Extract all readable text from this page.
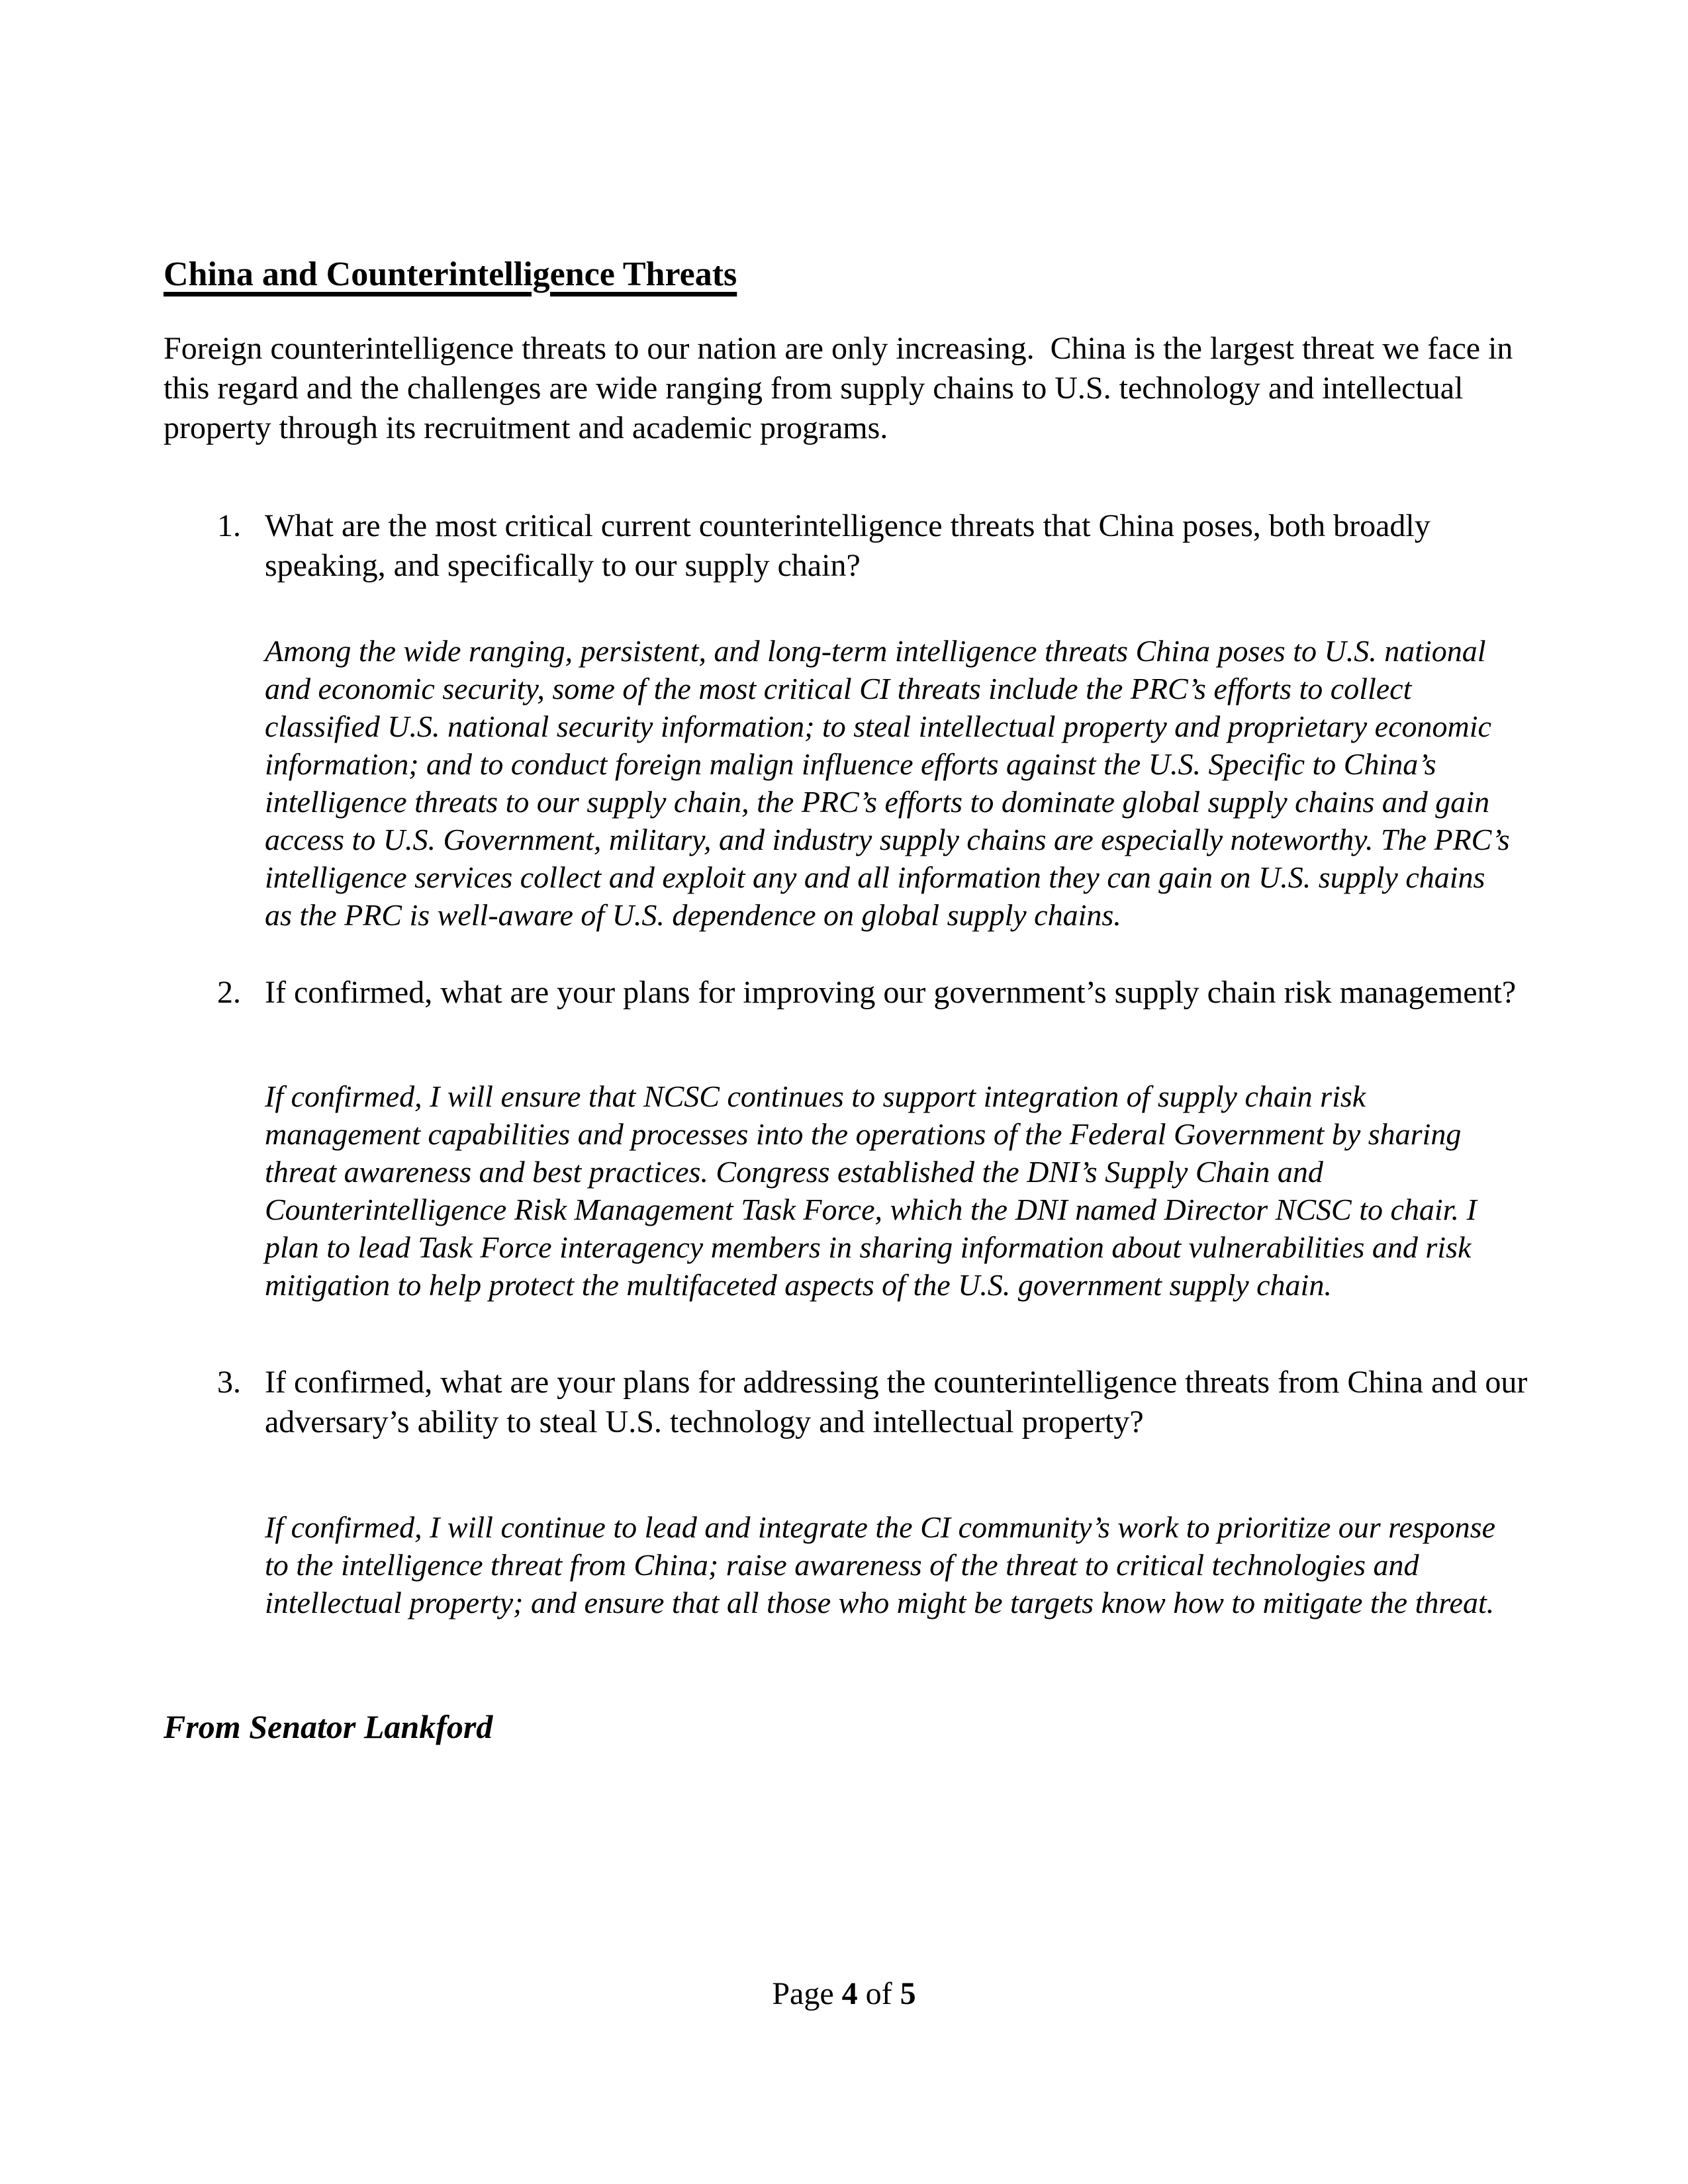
China and Counterintelligence Threats

Foreign counterintelligence threats to our nation are only increasing.  China is the largest threat we face in this regard and the challenges are wide ranging from supply chains to U.S. technology and intellectual property through its recruitment and academic programs.

1. What are the most critical current counterintelligence threats that China poses, both broadly speaking, and specifically to our supply chain?

Among the wide ranging, persistent, and long-term intelligence threats China poses to U.S. national and economic security, some of the most critical CI threats include the PRC’s efforts to collect classified U.S. national security information; to steal intellectual property and proprietary economic information; and to conduct foreign malign influence efforts against the U.S. Specific to China’s intelligence threats to our supply chain, the PRC’s efforts to dominate global supply chains and gain access to U.S. Government, military, and industry supply chains are especially noteworthy. The PRC’s intelligence services collect and exploit any and all information they can gain on U.S. supply chains as the PRC is well-aware of U.S. dependence on global supply chains.

2. If confirmed, what are your plans for improving our government’s supply chain risk management?

If confirmed, I will ensure that NCSC continues to support integration of supply chain risk management capabilities and processes into the operations of the Federal Government by sharing threat awareness and best practices. Congress established the DNI’s Supply Chain and Counterintelligence Risk Management Task Force, which the DNI named Director NCSC to chair. I plan to lead Task Force interagency members in sharing information about vulnerabilities and risk mitigation to help protect the multifaceted aspects of the U.S. government supply chain.

3. If confirmed, what are your plans for addressing the counterintelligence threats from China and our adversary’s ability to steal U.S. technology and intellectual property?

If confirmed, I will continue to lead and integrate the CI community’s work to prioritize our response to the intelligence threat from China; raise awareness of the threat to critical technologies and intellectual property; and ensure that all those who might be targets know how to mitigate the threat.

From Senator Lankford

Page 4 of 5
